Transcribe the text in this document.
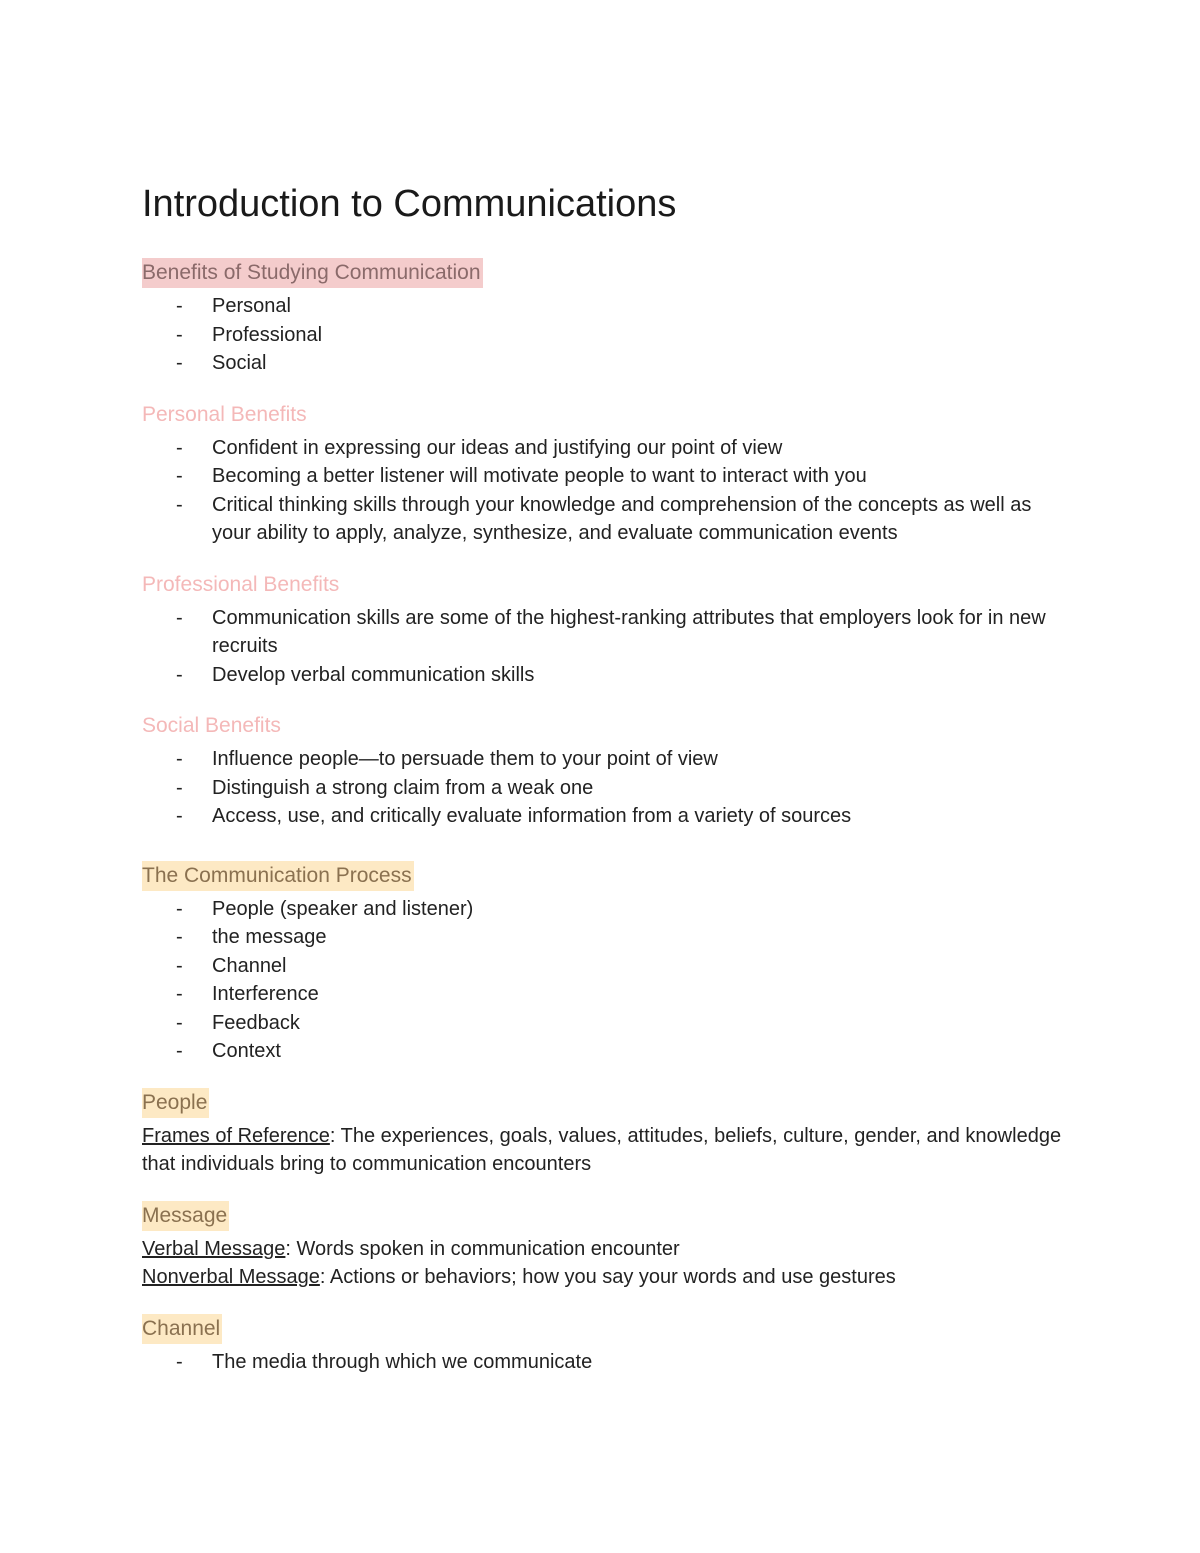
Introduction to Communications
Benefits of Studying Communication
- Personal
- Professional
- Social
Personal Benefits
- Confident in expressing our ideas and justifying our point of view
- Becoming a better listener will motivate people to want to interact with you
- Critical thinking skills through your knowledge and comprehension of the concepts as well as your ability to apply, analyze, synthesize, and evaluate communication events
Professional Benefits
- Communication skills are some of the highest-ranking attributes that employers look for in new recruits
- Develop verbal communication skills
Social Benefits
- Influence people—to persuade them to your point of view
- Distinguish a strong claim from a weak one
- Access, use, and critically evaluate information from a variety of sources
The Communication Process
- People (speaker and listener)
- the message
- Channel
- Interference
- Feedback
- Context
People

Frames of Reference: The experiences, goals, values, attitudes, beliefs, culture, gender, and knowledge that individuals bring to communication encounters

Message

Verbal Message: Words spoken in communication encounter

Nonverbal Message: Actions or behaviors; how you say your words and use gestures

Channel
- The media through which we communicate
